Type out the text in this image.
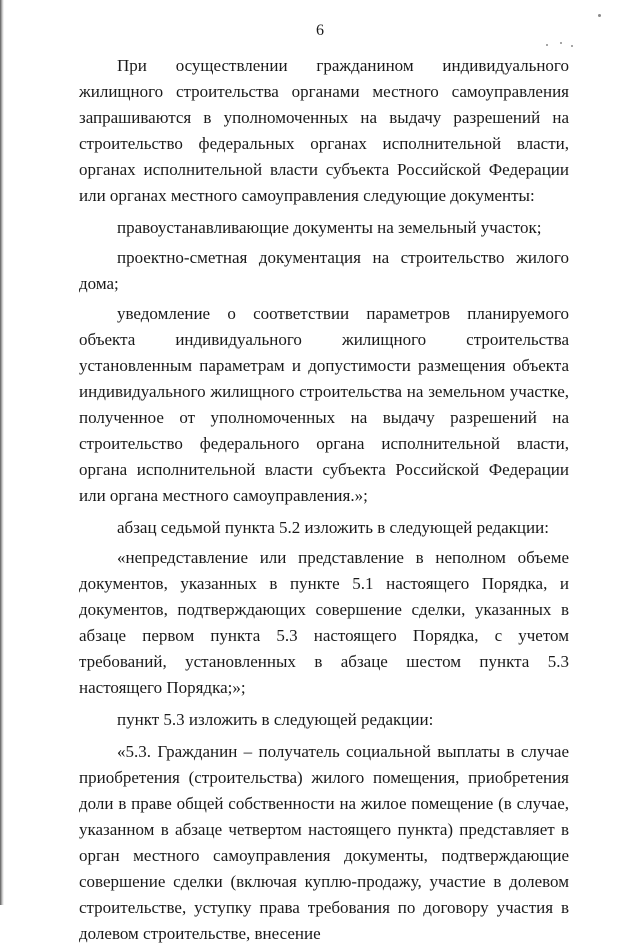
6

При осуществлении гражданином индивидуального жилищного строительства органами местного самоуправления запрашиваются в уполномоченных на выдачу разрешений на строительство федеральных органах исполнительной власти, органах исполнительной власти субъекта Российской Федерации или органах местного самоуправления следующие документы:

правоустанавливающие документы на земельный участок;

проектно-сметная документация на строительство жилого дома;

уведомление о соответствии параметров планируемого объекта индивидуального жилищного строительства установленным параметрам и допустимости размещения объекта индивидуального жилищного строительства на земельном участке, полученное от уполномоченных на выдачу разрешений на строительство федерального органа исполнительной власти, органа исполнительной власти субъекта Российской Федерации или органа местного самоуправления.»;

абзац седьмой пункта 5.2 изложить в следующей редакции:

«непредставление или представление в неполном объеме документов, указанных в пункте 5.1 настоящего Порядка, и документов, подтверждающих совершение сделки, указанных в абзаце первом пункта 5.3 настоящего Порядка, с учетом требований, установленных в абзаце шестом пункта 5.3 настоящего Порядка;»;

пункт 5.3 изложить в следующей редакции:

«5.3. Гражданин – получатель социальной выплаты в случае приобретения (строительства) жилого помещения, приобретения доли в праве общей собственности на жилое помещение (в случае, указанном в абзаце четвертом настоящего пункта) представляет в орган местного самоуправления документы, подтверждающие совершение сделки (включая куплю-продажу, участие в долевом строительстве, уступку права требования по договору участия в долевом строительстве, внесение
